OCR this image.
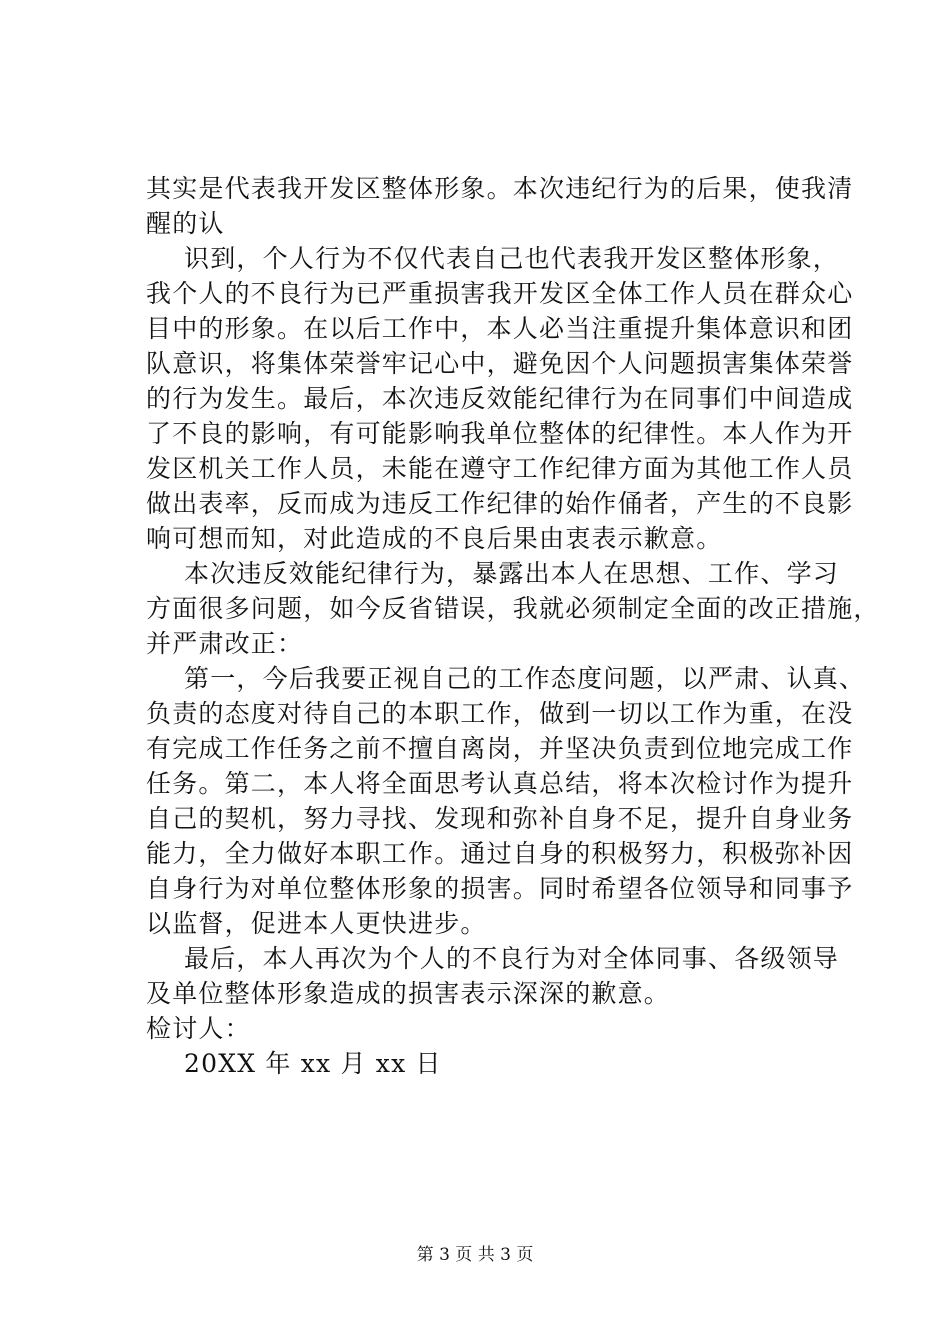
其实是代表我开发区整体形象。本次违纪行为的后果，使我清
醒的认
识到，个人行为不仅代表自己也代表我开发区整体形象，
我个人的不良行为已严重损害我开发区全体工作人员在群众心
目中的形象。在以后工作中，本人必当注重提升集体意识和团
队意识，将集体荣誉牢记心中，避免因个人问题损害集体荣誉
的行为发生。最后，本次违反效能纪律行为在同事们中间造成
了不良的影响，有可能影响我单位整体的纪律性。本人作为开
发区机关工作人员，未能在遵守工作纪律方面为其他工作人员
做出表率，反而成为违反工作纪律的始作俑者，产生的不良影
响可想而知，对此造成的不良后果由衷表示歉意。
本次违反效能纪律行为，暴露出本人在思想、工作、学习
方面很多问题，如今反省错误，我就必须制定全面的改正措施，
并严肃改正：
第一，今后我要正视自己的工作态度问题，以严肃、认真、
负责的态度对待自己的本职工作，做到一切以工作为重，在没
有完成工作任务之前不擅自离岗，并坚决负责到位地完成工作
任务。第二，本人将全面思考认真总结，将本次检讨作为提升
自己的契机，努力寻找、发现和弥补自身不足，提升自身业务
能力，全力做好本职工作。通过自身的积极努力，积极弥补因
自身行为对单位整体形象的损害。同时希望各位领导和同事予
以监督，促进本人更快进步。
最后，本人再次为个人的不良行为对全体同事、各级领导
及单位整体形象造成的损害表示深深的歉意。
检讨人：
20XX 年 xx 月 xx 日
第 3 页 共 3 页
